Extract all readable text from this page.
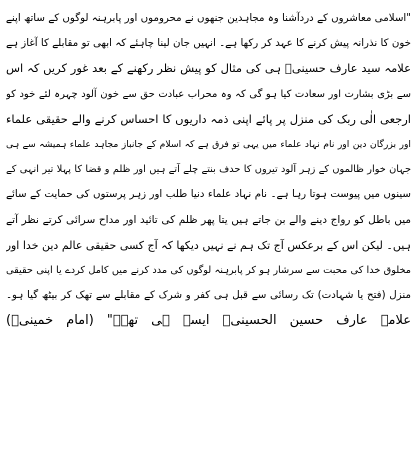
"اسلامی معاشروں کے دردآشنا وہ مجاہدین جنھوں نے محروموں اور پابرہنہ لوگوں کے ساتھ اپنے
خون کا نذرانہ پیش کرنے کا عہد کر رکھا ہے۔ انہیں جان لینا چاہئے کہ ابھی تو مقابلے کا آغاز ہے
علامہ سید عارف حسینیؒ ہی کی مثال کو پیش نظر رکھنے کے بعد غور کریں کہ اس
سے بڑی بشارت اور سعادت کیا ہو گی کہ وہ محراب عبادت حق سے خون آلود چہرہ لئے خود کو
ارجعی الٰی ربک کی منزل پر پائے اپنی ذمہ داریوں کا احساس کرنے والے حقیقی علماء
اور بزرگان دین اور نام نہاد علماء میں یہی تو فرق ہے کہ اسلام کے جانباز مجاہد علماء ہمیشہ سے ہی
جہان خوار ظالموں کے زہر آلود تیروں کا حدف بنتے چلے آتے ہیں اور ظلم و قضا کا پہلا تیر انہی کے
سینوں میں پیوست ہوتا رہا ہے۔ نام نہاد علماء دنیا طلب اور زہر پرستوں کی حمایت کے سائے
میں باطل کو رواج دینے والے بن جاتے ہیں یتا پھر ظلم کی تائید اور مداح سرائی کرتے نظر آتے
ہیں۔ لیکن اس کے برعکس آج تک ہم نے نہیں دیکھا کہ آج کسی حقیقی عالم دین خدا اور
مخلوق خدا کی محبت سے سرشار ہو کر پابرہنہ لوگوں کی مدد کرنے میں کامل کردے یا اپنی حقیقی
منزل (فتح یا شہادت) تک رسائی سے قبل ہی کفر و شرک کے مقابلے سے تھک کر بیٹھ گیا ہو۔
علامہ عارف حسین الحسینیؒ ایسے ہی تھے۔" (امام خمینیؒ)
